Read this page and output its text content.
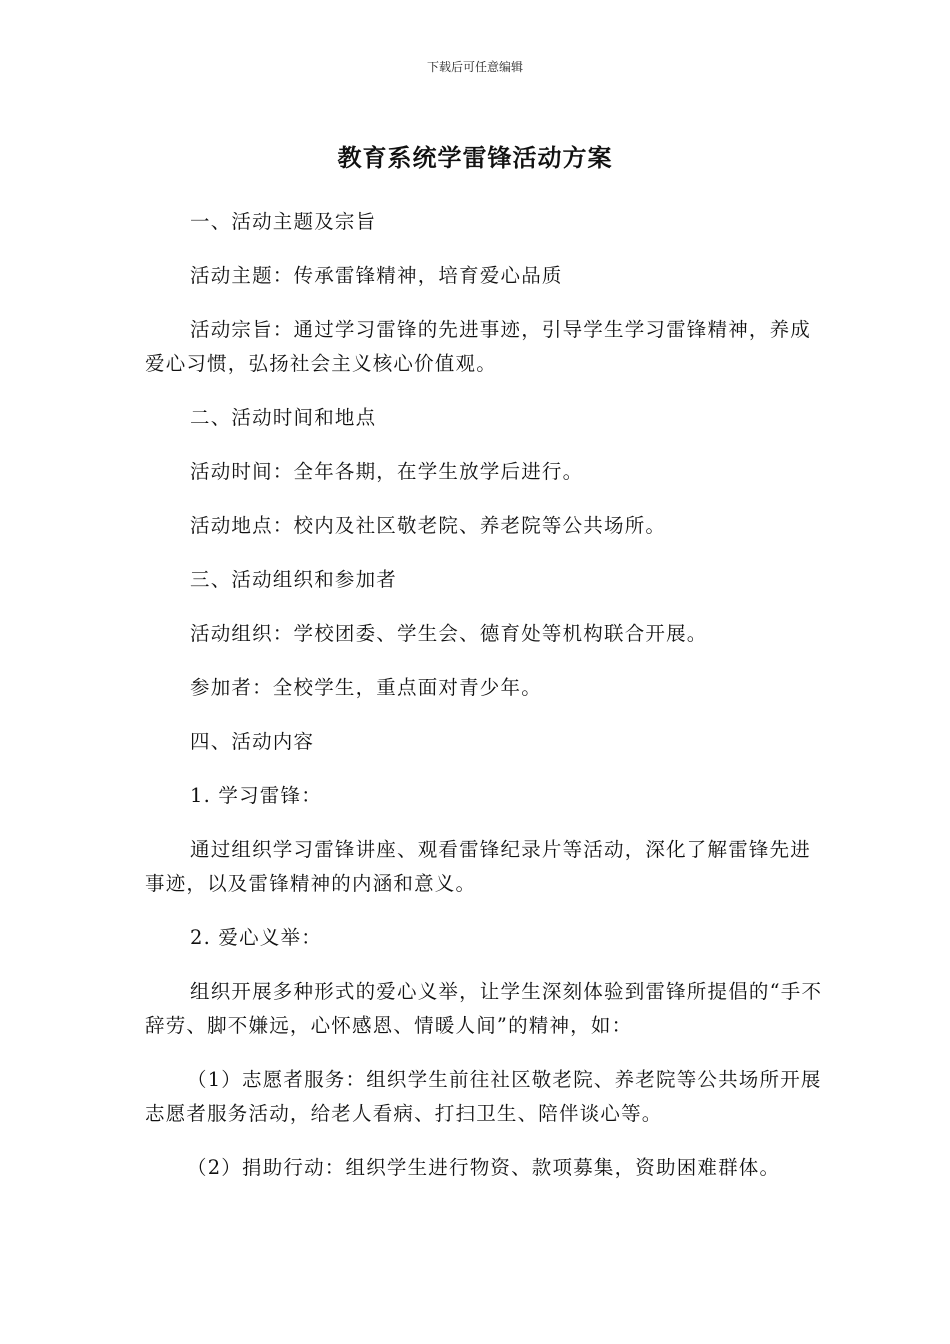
下载后可任意编辑
教育系统学雷锋活动方案

一、活动主题及宗旨

活动主题：传承雷锋精神，培育爱心品质

活动宗旨：通过学习雷锋的先进事迹，引导学生学习雷锋精神，养成爱心习惯，弘扬社会主义核心价值观。

二、活动时间和地点

活动时间：全年各期，在学生放学后进行。

活动地点：校内及社区敬老院、养老院等公共场所。

三、活动组织和参加者

活动组织：学校团委、学生会、德育处等机构联合开展。

参加者：全校学生，重点面对青少年。

四、活动内容

1. 学习雷锋：

通过组织学习雷锋讲座、观看雷锋纪录片等活动，深化了解雷锋先进事迹，以及雷锋精神的内涵和意义。

2. 爱心义举：

组织开展多种形式的爱心义举，让学生深刻体验到雷锋所提倡的“手不辞劳、脚不嫌远，心怀感恩、情暖人间”的精神，如：

（1）志愿者服务：组织学生前往社区敬老院、养老院等公共场所开展志愿者服务活动，给老人看病、打扫卫生、陪伴谈心等。

（2）捐助行动：组织学生进行物资、款项募集，资助困难群体。
